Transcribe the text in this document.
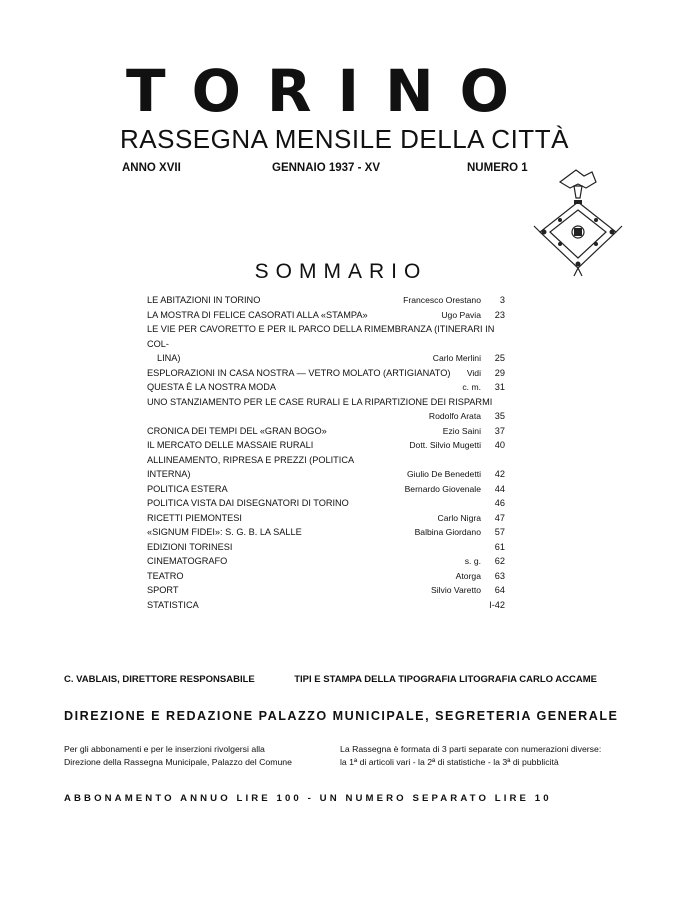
TORINO
RASSEGNA MENSILE DELLA CITTÀ
ANNO XVII	GENNAIO 1937 - XV	NUMERO 1
SOMMARIO
LE ABITAZIONI IN TORINO	Francesco Orestano	3
LA MOSTRA DI FELICE CASORATI ALLA «STAMPA»	Ugo Pavia	23
LE VIE PER CAVORETTO E PER IL PARCO DELLA RIMEMBRANZA (ITINERARI IN COL-
LINA)	Carlo Merlini	25
ESPLORAZIONI IN CASA NOSTRA — VETRO MOLATO (ARTIGIANATO)	Vidi	29
QUESTA È LA NOSTRA MODA	c. m.	31
UNO STANZIAMENTO PER LE CASE RURALI E LA RIPARTIZIONE DEI RISPARMI
Rodolfo Arata	35
CRONICA DEI TEMPI DEL «GRAN BOGO»	Ezio Saini	37
IL MERCATO DELLE MASSAIE RURALI	Dott. Silvio Mugetti	40
ALLINEAMENTO, RIPRESA E PREZZI (POLITICA INTERNA)	Giulio De Benedetti	42
POLITICA ESTERA	Bernardo Giovenale	44
POLITICA VISTA DAI DISEGNATORI DI TORINO	46
RICETTI PIEMONTESI	Carlo Nigra	47
«SIGNUM FIDEI»: S. G. B. LA SALLE	Balbina Giordano	57
EDIZIONI TORINESI	61
CINEMATOGRAFO	s. g.	62
TEATRO	Atorga	63
SPORT	Silvio Varetto	64
STATISTICA	I-42
C. VABLAIS, DIRETTORE RESPONSABILE	TIPI E STAMPA DELLA TIPOGRAFIA LITOGRAFIA CARLO ACCAME
DIREZIONE E REDAZIONE PALAZZO MUNICIPALE, SEGRETERIA GENERALE
Per gli abbonamenti e per le inserzioni rivolgersi alla Direzione della Rassegna Municipale, Palazzo del Comune
La Rassegna è formata di 3 parti separate con numerazioni diverse: la 1ª di articoli vari - la 2ª di statistiche - la 3ª di pubblicità
ABBONAMENTO ANNUO LIRE 100 - UN NUMERO SEPARATO LIRE 10
